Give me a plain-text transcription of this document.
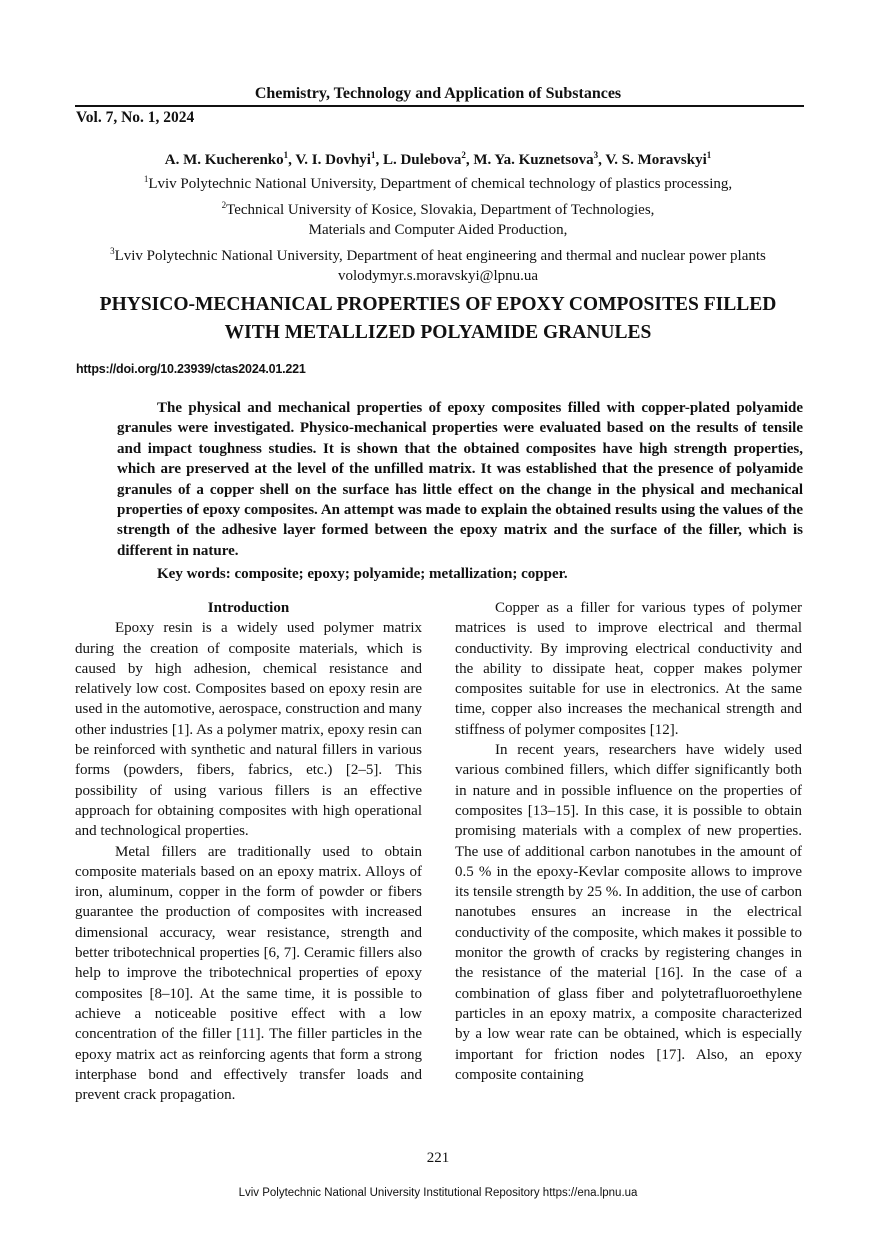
Chemistry, Technology and Application of Substances
Vol. 7, No. 1, 2024
A. M. Kucherenko$^1$, V. I. Dovhyi$^1$, L. Dulebova$^2$, M. Ya. Kuznetsova$^3$, V. S. Moravskyi$^1$
$^1$Lviv Polytechnic National University, Department of chemical technology of plastics processing,
$^2$Technical University of Kosice, Slovakia, Department of Technologies,
Materials and Computer Aided Production,
$^3$Lviv Polytechnic National University, Department of heat engineering and thermal and nuclear power plants
volodymyr.s.moravskyi@lpnu.ua
PHYSICO-MECHANICAL PROPERTIES OF EPOXY COMPOSITES FILLED
WITH METALLIZED POLYAMIDE GRANULES
https://doi.org/10.23939/ctas2024.01.221

The physical and mechanical properties of epoxy composites filled with copper-plated polyamide granules were investigated. Physico-mechanical properties were evaluated based on the results of tensile and impact toughness studies. It is shown that the obtained composites have high strength properties, which are preserved at the level of the unfilled matrix. It was established that the presence of polyamide granules of a copper shell on the surface has little effect on the change in the physical and mechanical properties of epoxy composites. An attempt was made to explain the obtained results using the values of the strength of the adhesive layer formed between the epoxy matrix and the surface of the filler, which is different in nature.

Key words: composite; epoxy; polyamide; metallization; copper.

Introduction

Epoxy resin is a widely used polymer matrix during the creation of composite materials, which is caused by high adhesion, chemical resistance and relatively low cost. Composites based on epoxy resin are used in the automotive, aerospace, construction and many other industries [1]. As a polymer matrix, epoxy resin can be reinforced with synthetic and natural fillers in various forms (powders, fibers, fabrics, etc.) [2–5]. This possibility of using various fillers is an effective approach for obtaining composites with high operational and technological properties.

Metal fillers are traditionally used to obtain composite materials based on an epoxy matrix. Alloys of iron, aluminum, copper in the form of powder or fibers guarantee the production of composites with increased dimensional accuracy, wear resistance, strength and better tribotechnical properties [6, 7]. Ceramic fillers also help to improve the tribotechnical properties of epoxy composites [8–10]. At the same time, it is possible to achieve a noticeable positive effect with a low concentration of the filler [11]. The filler particles in the epoxy matrix act as reinforcing agents that form a strong interphase bond and effectively transfer loads and prevent crack propagation.

Copper as a filler for various types of polymer matrices is used to improve electrical and thermal conductivity. By improving electrical conductivity and the ability to dissipate heat, copper makes polymer composites suitable for use in electronics. At the same time, copper also increases the mechanical strength and stiffness of polymer composites [12].

In recent years, researchers have widely used various combined fillers, which differ significantly both in nature and in possible influence on the properties of composites [13–15]. In this case, it is possible to obtain promising materials with a complex of new properties. The use of additional carbon nanotubes in the amount of 0.5 % in the epoxy-Kevlar composite allows to improve its tensile strength by 25 %. In addition, the use of carbon nanotubes ensures an increase in the electrical conductivity of the composite, which makes it possible to monitor the growth of cracks by registering changes in the resistance of the material [16]. In the case of a combination of glass fiber and polytetrafluoroethylene particles in an epoxy matrix, a composite characterized by a low wear rate can be obtained, which is especially important for friction nodes [17]. Also, an epoxy composite containing

221
Lviv Polytechnic National University Institutional Repository https://ena.lpnu.ua
